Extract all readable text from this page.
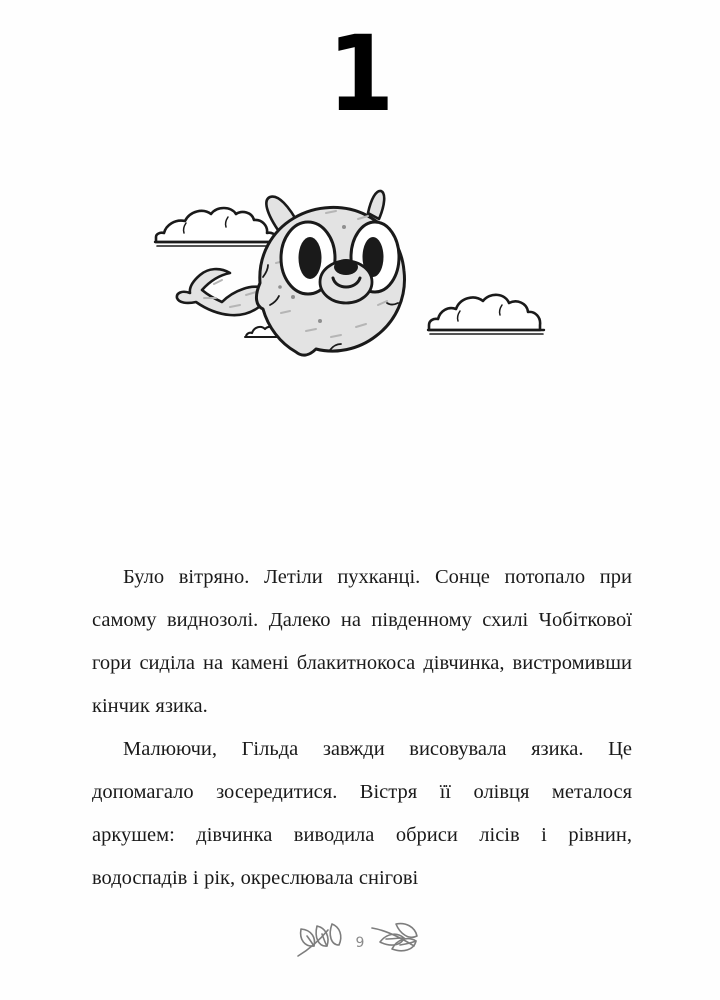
1

Було вітряно. Летіли пухканці. Сонце потопало при самому виднозолі. Далеко на південному схилі Чобіткової гори сиділа на камені блакитнокоса дівчинка, вистромивши кінчик язика.

Малюючи, Гільда завжди висовувала язика. Це допомагало зосередитися. Вістря її олівця металося аркушем: дівчинка виводила обриси лісів і рівнин, водоспадів і рік, окреслювала снігові

9
